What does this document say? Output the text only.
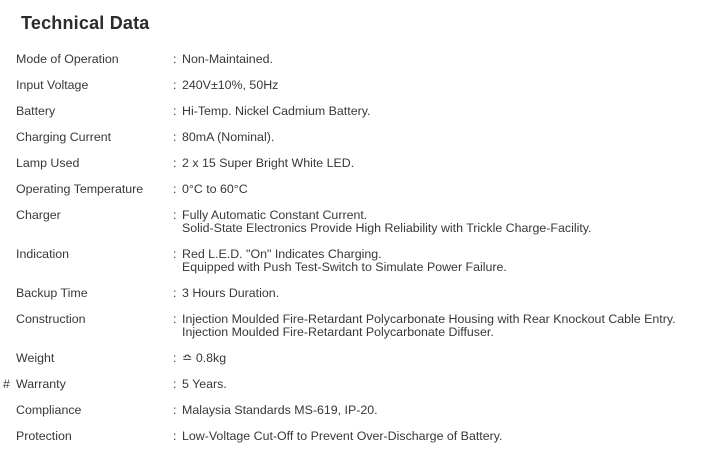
Technical Data
Mode of Operation	: Non-Maintained.
Input Voltage	: 240V±10%, 50Hz
Battery	: Hi-Temp. Nickel Cadmium Battery.
Charging Current	: 80mA (Nominal).
Lamp Used	: 2 x 15 Super Bright White LED.
Operating Temperature	: 0°C to 60°C
Charger	: Fully Automatic Constant Current.
Solid-State Electronics Provide High Reliability with Trickle Charge-Facility.
Indication	: Red L.E.D. "On" Indicates Charging.
Equipped with Push Test-Switch to Simulate Power Failure.
Backup Time	: 3 Hours Duration.
Construction	: Injection Moulded Fire-Retardant Polycarbonate Housing with Rear Knockout Cable Entry.
Injection Moulded Fire-Retardant Polycarbonate Diffuser.
Weight	: ≏ 0.8kg
# Warranty	: 5 Years.
Compliance	: Malaysia Standards MS-619, IP-20.
Protection	: Low-Voltage Cut-Off to Prevent Over-Discharge of Battery.
